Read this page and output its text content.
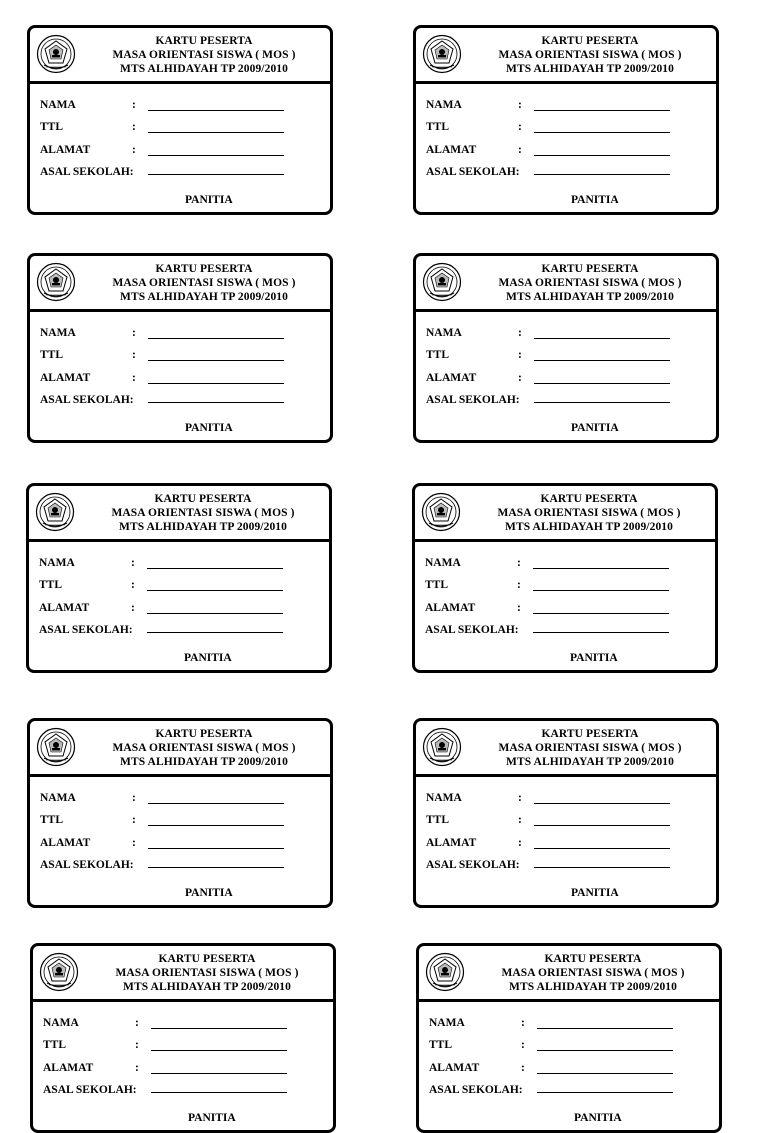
KARTU PESERTA
MASA ORIENTASI SISWA ( MOS )
MTS ALHIDAYAH TP 2009/2010
NAMA	:
TTL	:
ALAMAT	:
ASAL SEKOLAH:
PANITIA
KARTU PESERTA
MASA ORIENTASI SISWA ( MOS )
MTS ALHIDAYAH TP 2009/2010
NAMA	:
TTL	:
ALAMAT	:
ASAL SEKOLAH:
PANITIA
KARTU PESERTA
MASA ORIENTASI SISWA ( MOS )
MTS ALHIDAYAH TP 2009/2010
NAMA	:
TTL	:
ALAMAT	:
ASAL SEKOLAH:
PANITIA
KARTU PESERTA
MASA ORIENTASI SISWA ( MOS )
MTS ALHIDAYAH TP 2009/2010
NAMA	:
TTL	:
ALAMAT	:
ASAL SEKOLAH:
PANITIA
KARTU PESERTA
MASA ORIENTASI SISWA ( MOS )
MTS ALHIDAYAH TP 2009/2010
NAMA	:
TTL	:
ALAMAT	:
ASAL SEKOLAH:
PANITIA
KARTU PESERTA
MASA ORIENTASI SISWA ( MOS )
MTS ALHIDAYAH TP 2009/2010
NAMA	:
TTL	:
ALAMAT	:
ASAL SEKOLAH:
PANITIA
KARTU PESERTA
MASA ORIENTASI SISWA ( MOS )
MTS ALHIDAYAH TP 2009/2010
NAMA	:
TTL	:
ALAMAT	:
ASAL SEKOLAH:
PANITIA
KARTU PESERTA
MASA ORIENTASI SISWA ( MOS )
MTS ALHIDAYAH TP 2009/2010
NAMA	:
TTL	:
ALAMAT	:
ASAL SEKOLAH:
PANITIA
KARTU PESERTA
MASA ORIENTASI SISWA ( MOS )
MTS ALHIDAYAH TP 2009/2010
NAMA	:
TTL	:
ALAMAT	:
ASAL SEKOLAH:
PANITIA
KARTU PESERTA
MASA ORIENTASI SISWA ( MOS )
MTS ALHIDAYAH TP 2009/2010
NAMA	:
TTL	:
ALAMAT	:
ASAL SEKOLAH:
PANITIA
